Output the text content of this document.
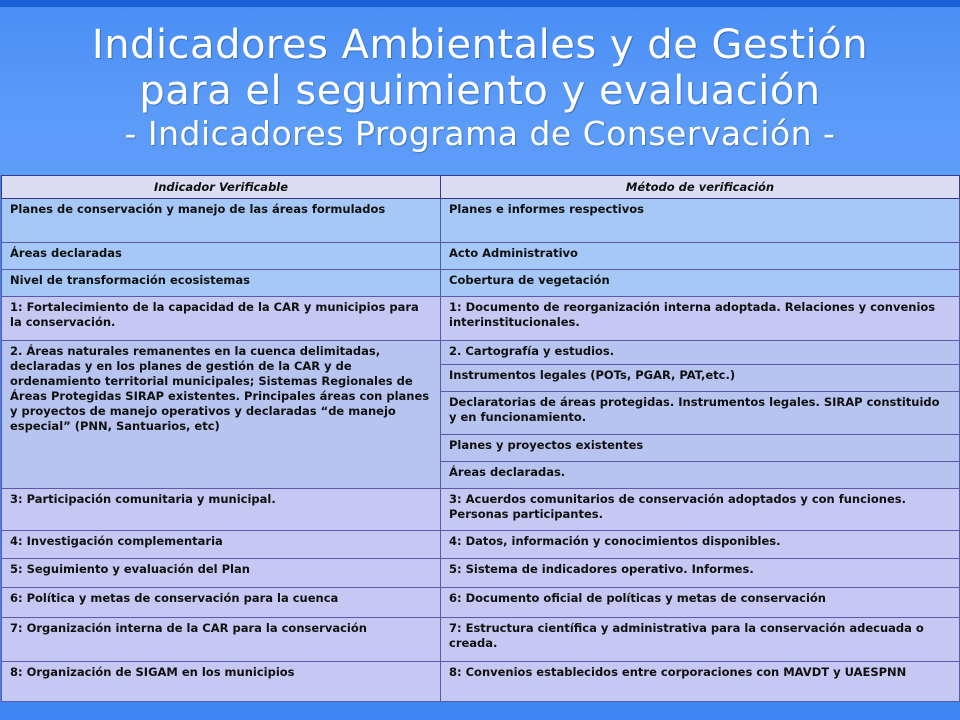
Indicadores Ambientales y de Gestión
para el seguimiento y evaluación
- Indicadores Programa de Conservación -
Indicador Verificable	Método de verificación
Planes de conservación y manejo de las áreas formulados	Planes e informes respectivos
Áreas declaradas	Acto Administrativo
Nivel de transformación ecosistemas	Cobertura de vegetación
1: Fortalecimiento de la capacidad de la CAR y municipios para la conservación.	1: Documento de reorganización interna adoptada. Relaciones y convenios interinstitucionales.
2. Áreas naturales remanentes en la cuenca delimitadas, declaradas y en los planes de gestión de la CAR y de ordenamiento territorial municipales; Sistemas Regionales de Áreas Protegidas SIRAP existentes. Principales áreas con planes y proyectos de manejo operativos y declaradas “de manejo especial” (PNN, Santuarios, etc)	2. Cartografía y estudios.
	Instrumentos legales (POTs, PGAR, PAT,etc.)
	Declaratorias de áreas protegidas. Instrumentos legales. SIRAP constituido y en funcionamiento.
	Planes y proyectos existentes
	Áreas declaradas.
3: Participación comunitaria y municipal.	3: Acuerdos comunitarios de conservación adoptados y con funciones. Personas participantes.
4: Investigación complementaria	4: Datos, información y conocimientos disponibles.
5: Seguimiento y evaluación del Plan	5: Sistema de indicadores operativo. Informes.
6: Política y metas de conservación para la cuenca	6: Documento oficial de políticas y metas de conservación
7: Organización interna de la CAR para la conservación	7: Estructura científica y administrativa para la conservación adecuada o creada.
8: Organización de SIGAM en los municipios	8: Convenios establecidos entre corporaciones con MAVDT y UAESPNN
